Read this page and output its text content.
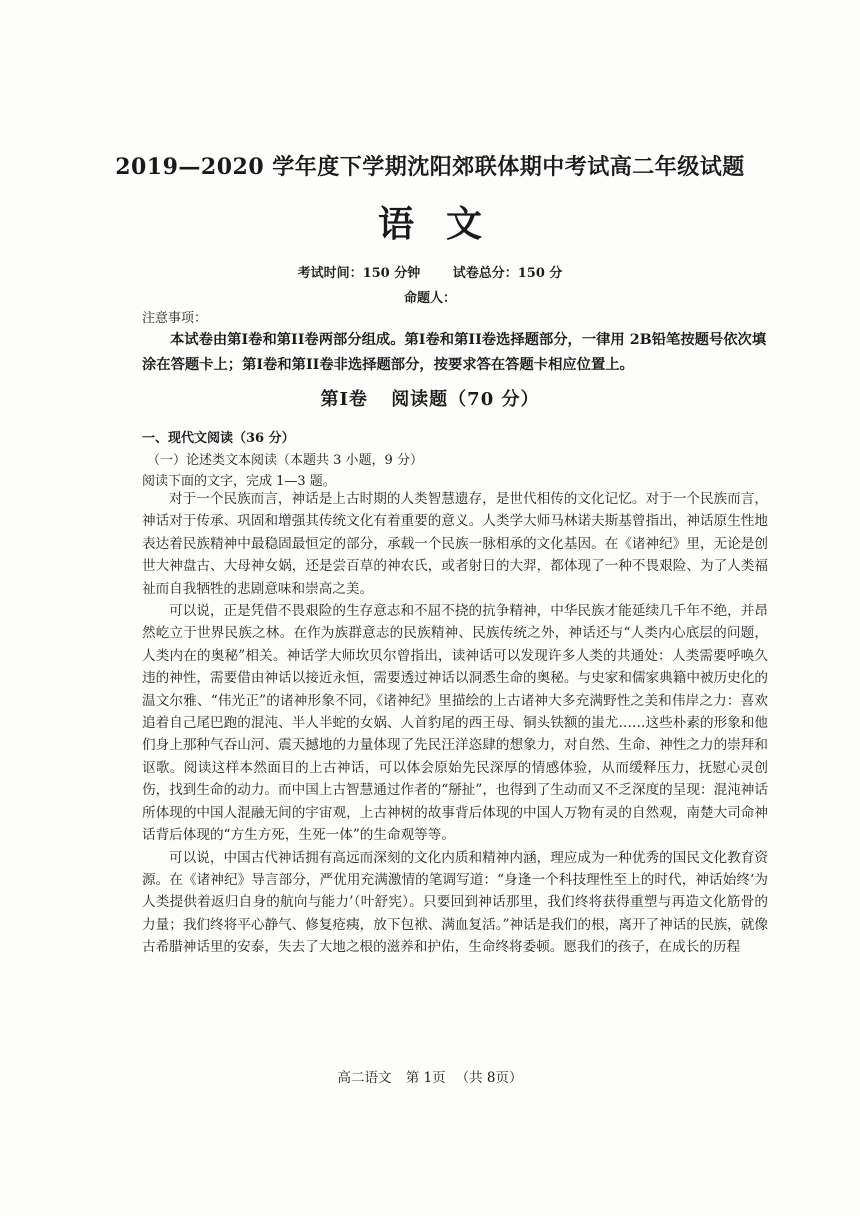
2019—2020 学年度下学期沈阳郊联体期中考试高二年级试题
语文
考试时间：150 分钟	试卷总分：150 分
命题人：
注意事项：
本试卷由第I卷和第II卷两部分组成。第I卷和第II卷选择题部分，一律用 2B铅笔按题号依次填涂在答题卡上；第I卷和第II卷非选择题部分，按要求答在答题卡相应位置上。
第Ⅰ卷 阅读题（70 分）
一、现代文阅读（36 分）
（一）论述类文本阅读（本题共 3 小题，9 分）
阅读下面的文字，完成 1—3 题。

对于一个民族而言，神话是上古时期的人类智慧遗存，是世代相传的文化记忆。对于一个民族而言，神话对于传承、巩固和增强其传统文化有着重要的意义。人类学大师马林诺夫斯基曾指出，神话原生性地表达着民族精神中最稳固最恒定的部分，承载一个民族一脉相承的文化基因。在《诸神纪》里，无论是创世大神盘古、大母神女娲，还是尝百草的神农氏，或者射日的大羿，都体现了一种不畏艰险、为了人类福祉而自我牺牲的悲剧意味和崇高之美。

可以说，正是凭借不畏艰险的生存意志和不屈不挠的抗争精神，中华民族才能延续几千年不绝，并昂然屹立于世界民族之林。在作为族群意志的民族精神、民族传统之外，神话还与“人类内心底层的问题，人类内在的奥秘”相关。神话学大师坎贝尔曾指出，读神话可以发现许多人类的共通处：人类需要呼唤久违的神性，需要借由神话以接近永恒，需要透过神话以洞悉生命的奥秘。与史家和儒家典籍中被历史化的温文尔雅、“伟光正”的诸神形象不同，《诸神纪》里描绘的上古诸神大多充满野性之美和伟岸之力：喜欢追着自己尾巴跑的混沌、半人半蛇的女娲、人首豹尾的西王母、铜头铁额的蚩尤……这些朴素的形象和他们身上那种气吞山河、震天撼地的力量体现了先民汪洋恣肆的想象力，对自然、生命、神性之力的崇拜和讴歌。阅读这样本然面目的上古神话，可以体会原始先民深厚的情感体验，从而缓释压力，抚慰心灵创伤，找到生命的动力。而中国上古智慧通过作者的“掰扯”，也得到了生动而又不乏深度的呈现：混沌神话所体现的中国人混融无间的宇宙观，上古神树的故事背后体现的中国人万物有灵的自然观，南楚大司命神话背后体现的“方生方死，生死一体”的生命观等等。

可以说，中国古代神话拥有高远而深刻的文化内质和精神内涵，理应成为一种优秀的国民文化教育资源。在《诸神纪》导言部分，严优用充满激情的笔调写道：“身逢一个科技理性至上的时代，神话始终‘为人类提供着返归自身的航向与能力’（叶舒宪）。只要回到神话那里，我们终将获得重塑与再造文化筋骨的力量；我们终将平心静气、修复疮痍，放下包袱、满血复活。”神话是我们的根，离开了神话的民族，就像古希腊神话里的安泰，失去了大地之根的滋养和护佑，生命终将委顿。愿我们的孩子，在成长的历程

高二语文 第 1页 （共 8页）
